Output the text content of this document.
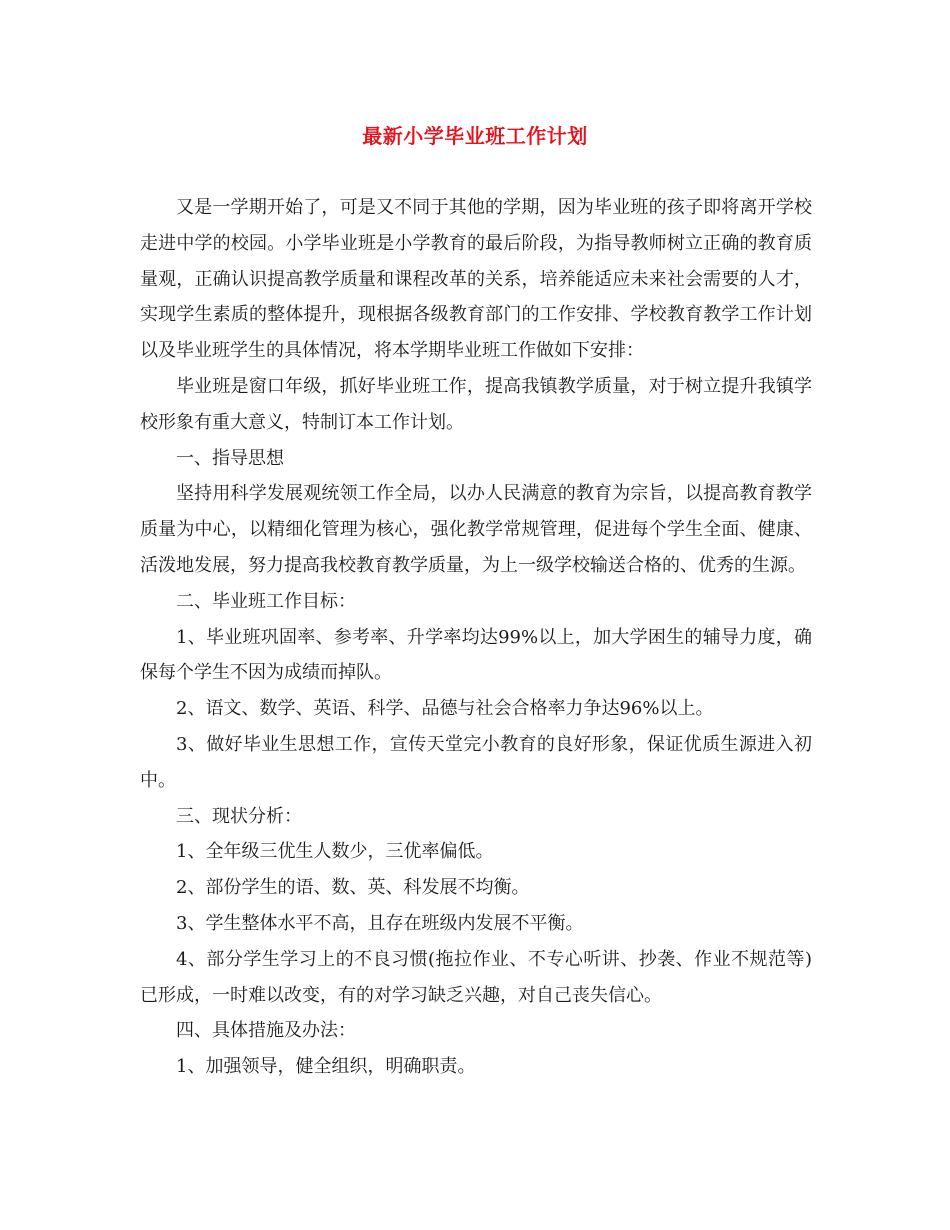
最新小学毕业班工作计划

又是一学期开始了，可是又不同于其他的学期，因为毕业班的孩子即将离开学校走进中学的校园。小学毕业班是小学教育的最后阶段，为指导教师树立正确的教育质量观，正确认识提高教学质量和课程改革的关系，培养能适应未来社会需要的人才，实现学生素质的整体提升，现根据各级教育部门的工作安排、学校教育教学工作计划以及毕业班学生的具体情况，将本学期毕业班工作做如下安排：

毕业班是窗口年级，抓好毕业班工作，提高我镇教学质量，对于树立提升我镇学校形象有重大意义，特制订本工作计划。

一、指导思想

坚持用科学发展观统领工作全局，以办人民满意的教育为宗旨，以提高教育教学质量为中心，以精细化管理为核心，强化教学常规管理，促进每个学生全面、健康、活泼地发展，努力提高我校教育教学质量，为上一级学校输送合格的、优秀的生源。

二、毕业班工作目标：

1、毕业班巩固率、参考率、升学率均达99%以上，加大学困生的辅导力度，确保每个学生不因为成绩而掉队。

2、语文、数学、英语、科学、品德与社会合格率力争达96%以上。

3、做好毕业生思想工作，宣传天堂完小教育的良好形象，保证优质生源进入初中。

三、现状分析：

1、全年级三优生人数少，三优率偏低。

2、部份学生的语、数、英、科发展不均衡。

3、学生整体水平不高，且存在班级内发展不平衡。

4、部分学生学习上的不良习惯(拖拉作业、不专心听讲、抄袭、作业不规范等)已形成，一时难以改变，有的对学习缺乏兴趣，对自己丧失信心。

四、具体措施及办法：

1、加强领导，健全组织，明确职责。
